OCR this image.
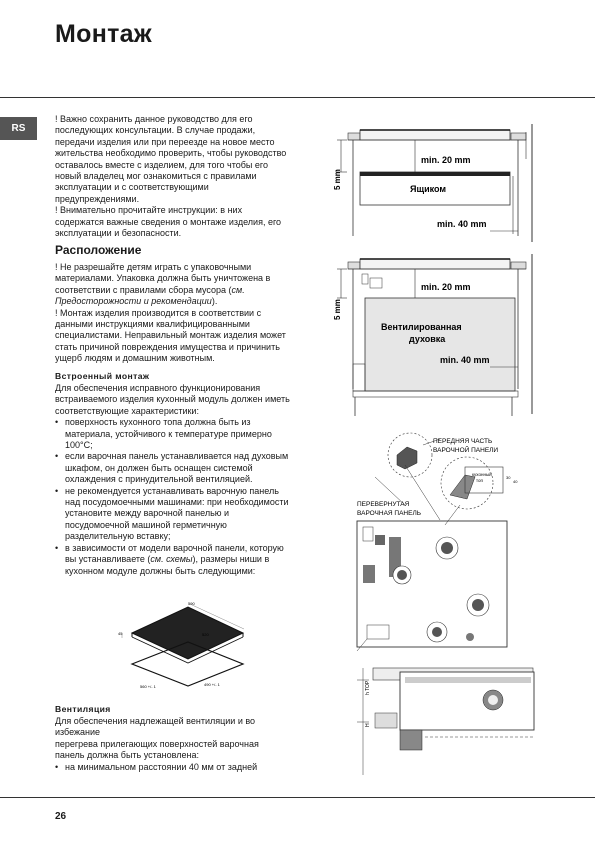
Монтаж
RS

! Важно сохранить данное руководство для его последующих консультации. В случае продажи, передачи изделия или при переезде на новое место жительства необходимо проверить, чтобы руководство оставалось вместе с изделием, для того чтобы его новый владелец мог ознакомиться с правилами эксплуатации и с соответствующими предупреждениями.

! Внимательно прочитайте инструкции: в них содержатся важные сведения о монтаже изделия, его эксплуатации и безопасности.

Расположение

! Не разрешайте детям играть с упаковочными материалами. Упаковка должна быть уничтожена в соответствии с правилами сбора мусора (см. Предосторожности и рекомендации).

! Монтаж изделия производится в соответствии с данными инструкциями квалифицированными специалистами. Неправильный монтаж изделия может стать причиной повреждения имущества и причинить ущерб людям и домашним животным.

Встроенный монтаж

Для обеспечения исправного функционирования встраиваемого изделия кухонный модуль должен иметь соответствующие характеристики:

• поверхность кухонного топа должна быть из материала, устойчивого к температуре примерно 100°С;
• если варочная панель устанавливается над духовым шкафом, он должен быть оснащен системой охлаждения с принудительной вентиляцией.
• не рекомендуется устанавливать варочную панель над посудомоечными машинами: при необходимости установите между варочной панелью и посудомоечной машиной герметичную разделительную вставку;
• в зависимости от модели варочной панели, которую вы устанавливаете (см. схемы), размеры ниши в кухонном модуле должны быть следующими:
590
520
45
560 +/- 1	490 +/- 1
Вентиляция

Для обеспечения надлежащей вентиляции и во избежание

перегрева прилегающих поверхностей варочная панель должна быть установлена:

• на минимальном расстоянии 40 мм от задней
min. 20 mm
5 mm	Ящиком
min. 40 mm
min. 20 mm
5 mm
Вентилированная
духовка
min. 40 mm
ПЕРЕДНЯЯ ЧАСТЬ
ВАРОЧНОЙ ПАНЕЛИ
кухонный
топ
30
40
ПЕРЕВЕРНУТАЯ
ВАРОЧНАЯ ПАНЕЛЬ
h TOP
H
26
